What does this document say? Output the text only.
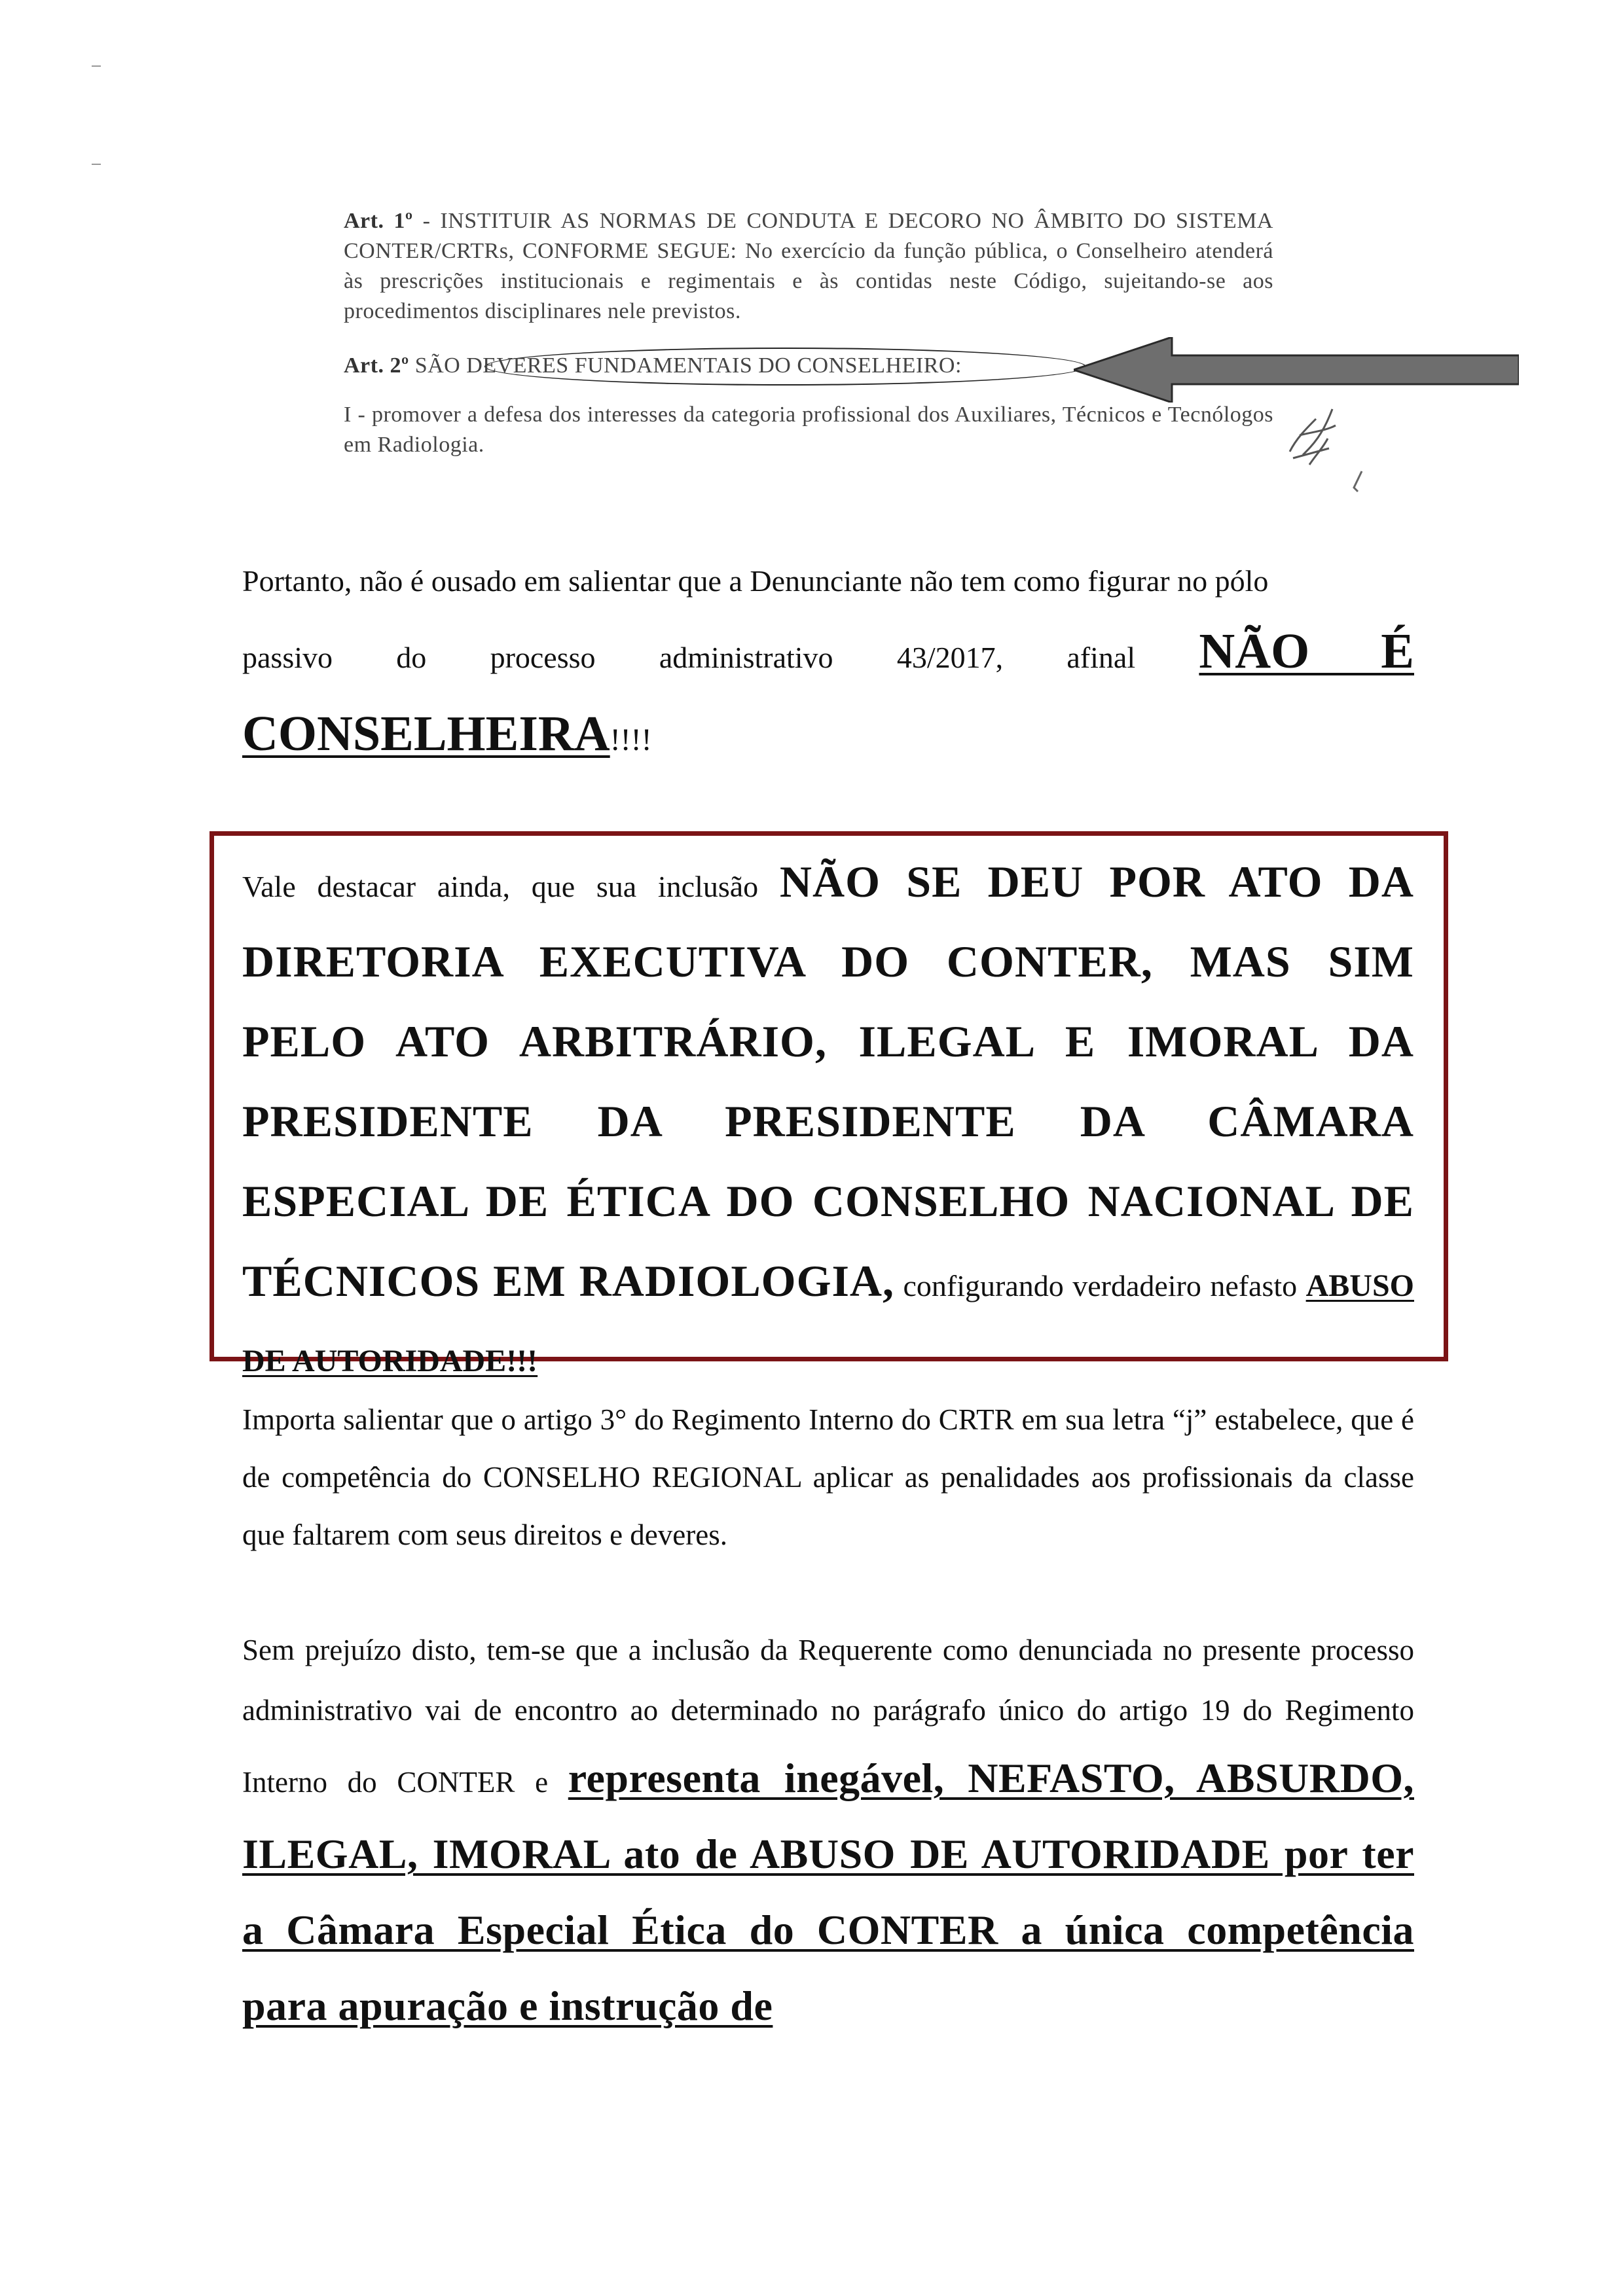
Art. 1º - INSTITUIR AS NORMAS DE CONDUTA E DECORO NO ÂMBITO DO SISTEMA CONTER/CRTRs, CONFORME SEGUE: No exercício da função pública, o Conselheiro atenderá às prescrições institucionais e regimentais e às contidas neste Código, sujeitando-se aos procedimentos disciplinares nele previstos.

Art. 2º SÃO DEVERES FUNDAMENTAIS DO CONSELHEIRO:

I - promover a defesa dos interesses da categoria profissional dos Auxiliares, Técnicos e Tecnólogos em Radiologia.

Portanto, não é ousado em salientar que a Denunciante não tem como figurar no pólo
passivo do processo administrativo 43/2017, afinal NÃO É
CONSELHEIRA!!!!

Vale destacar ainda, que sua inclusão NÃO SE DEU POR ATO DA DIRETORIA EXECUTIVA DO CONTER, MAS SIM PELO ATO ARBITRÁRIO, ILEGAL E IMORAL DA PRESIDENTE DA PRESIDENTE DA CÂMARA ESPECIAL DE ÉTICA DO CONSELHO NACIONAL DE TÉCNICOS EM RADIOLOGIA, configurando verdadeiro nefasto ABUSO DE AUTORIDADE!!!

Importa salientar que o artigo 3° do Regimento Interno do CRTR em sua letra “j” estabelece, que é de competência do CONSELHO REGIONAL aplicar as penalidades aos profissionais da classe que faltarem com seus direitos e deveres.

Sem prejuízo disto, tem-se que a inclusão da Requerente como denunciada no presente processo administrativo vai de encontro ao determinado no parágrafo único do artigo 19 do Regimento Interno do CONTER e representa inegável, NEFASTO, ABSURDO, ILEGAL, IMORAL ato de ABUSO DE AUTORIDADE por ter a Câmara Especial Ética do CONTER a única competência para apuração e instrução de
